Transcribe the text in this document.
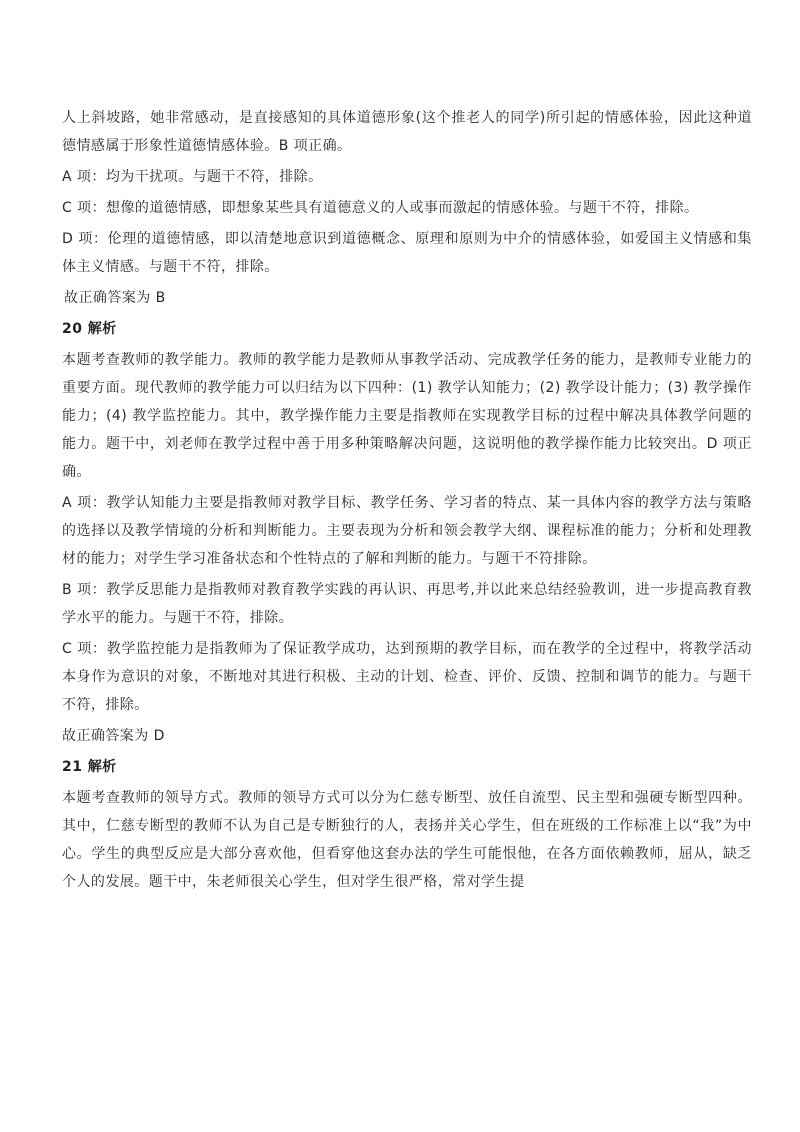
人上斜坡路，她非常感动，是直接感知的具体道德形象(这个推老人的同学)所引起的情感体验，因此这种道德情感属于形象性道德情感体验。B 项正确。

A 项：均为干扰项。与题干不符，排除。

C 项：想像的道德情感，即想象某些具有道德意义的人或事而激起的情感体验。与题干不符，排除。

D 项：伦理的道德情感，即以清楚地意识到道德概念、原理和原则为中介的情感体验，如爱国主义情感和集体主义情感。与题干不符，排除。

故正确答案为 B

20 解析

本题考查教师的教学能力。教师的教学能力是教师从事教学活动、完成教学任务的能力，是教师专业能力的重要方面。现代教师的教学能力可以归结为以下四种：(1) 教学认知能力；(2) 教学设计能力；(3) 教学操作能力；(4) 教学监控能力。其中，教学操作能力主要是指教师在实现教学目标的过程中解决具体教学问题的能力。题干中，刘老师在教学过程中善于用多种策略解决问题，这说明他的教学操作能力比较突出。D 项正确。

A 项：教学认知能力主要是指教师对教学目标、教学任务、学习者的特点、某一具体内容的教学方法与策略的选择以及教学情境的分析和判断能力。主要表现为分析和领会教学大纲、课程标准的能力；分析和处理教材的能力；对学生学习准备状态和个性特点的了解和判断的能力。与题干不符排除。

B 项：教学反思能力是指教师对教育教学实践的再认识、再思考,并以此来总结经验教训，进一步提高教育教学水平的能力。与题干不符，排除。

C 项：教学监控能力是指教师为了保证教学成功，达到预期的教学目标，而在教学的全过程中，将教学活动本身作为意识的对象，不断地对其进行积极、主动的计划、检查、评价、反馈、控制和调节的能力。与题干不符，排除。

故正确答案为 D

21 解析

本题考查教师的领导方式。教师的领导方式可以分为仁慈专断型、放任自流型、民主型和强硬专断型四种。其中，仁慈专断型的教师不认为自己是专断独行的人，表扬并关心学生，但在班级的工作标准上以“我”为中心。学生的典型反应是大部分喜欢他，但看穿他这套办法的学生可能恨他，在各方面依赖教师，屈从，缺乏个人的发展。题干中，朱老师很关心学生，但对学生很严格，常对学生提
